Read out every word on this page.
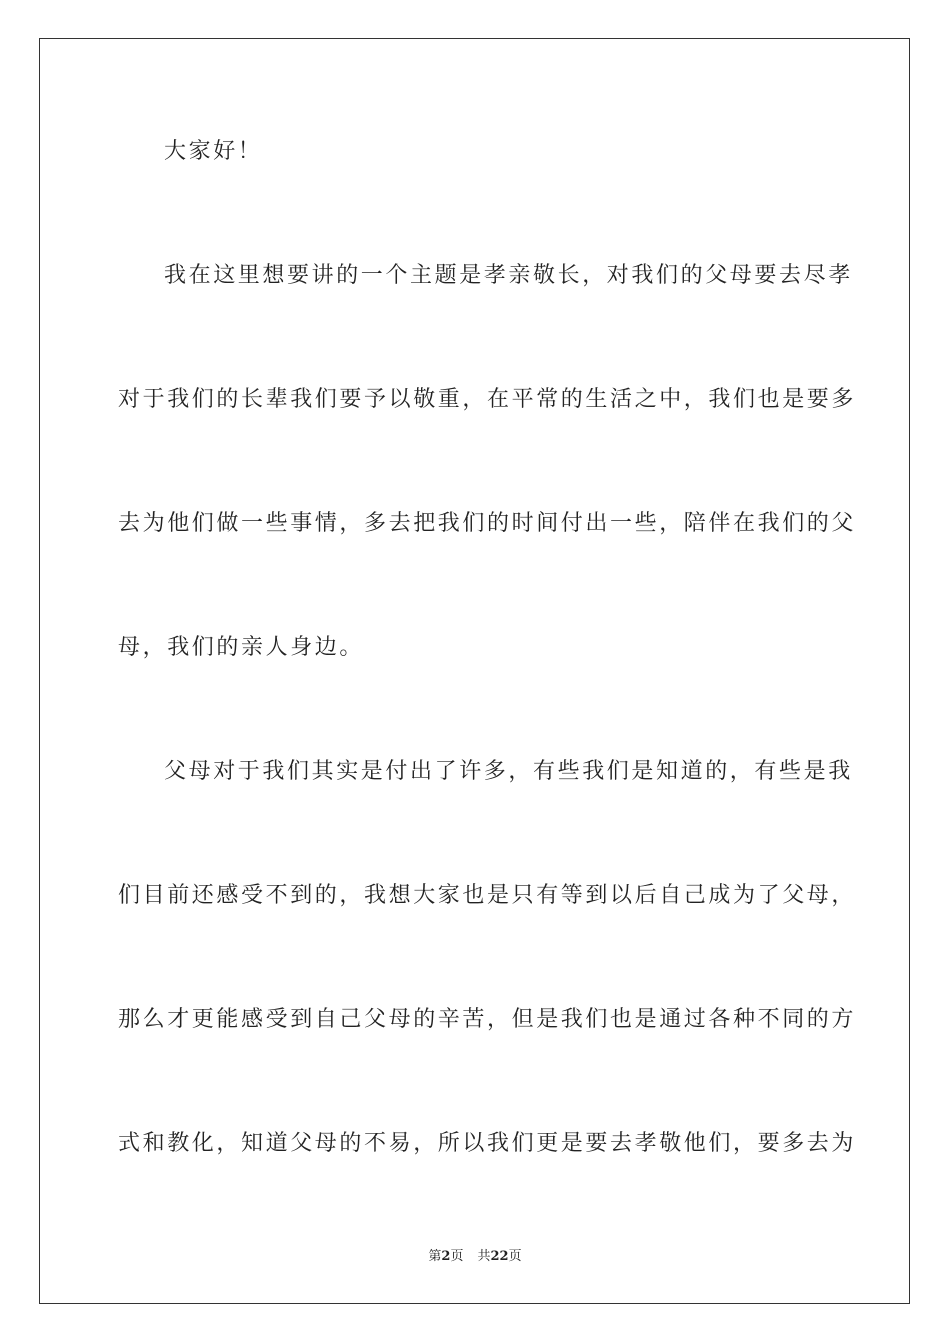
大家好！
我在这里想要讲的一个主题是孝亲敬长，对我们的父母要去尽孝
对于我们的长辈我们要予以敬重，在平常的生活之中，我们也是要多
去为他们做一些事情，多去把我们的时间付出一些，陪伴在我们的父
母，我们的亲人身边。
父母对于我们其实是付出了许多，有些我们是知道的，有些是我
们目前还感受不到的，我想大家也是只有等到以后自己成为了父母，
那么才更能感受到自己父母的辛苦，但是我们也是通过各种不同的方
式和教化，知道父母的不易，所以我们更是要去孝敬他们，要多去为
第2页 共22页
